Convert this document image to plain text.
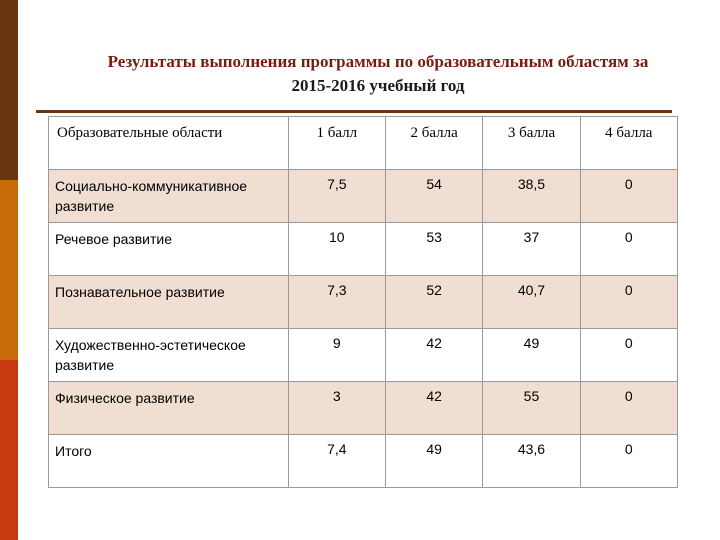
Результаты выполнения программы по образовательным областям за
2015-2016 учебный год
Образовательные области	1 балл	2 балла	3 балла	4 балла
Социально-коммуникативное развитие	7,5	54	38,5	0
Речевое развитие	10	53	37	0
Познавательное развитие	7,3	52	40,7	0
Художественно-эстетическое развитие	9	42	49	0
Физическое развитие	3	42	55	0
Итого	7,4	49	43,6	0
